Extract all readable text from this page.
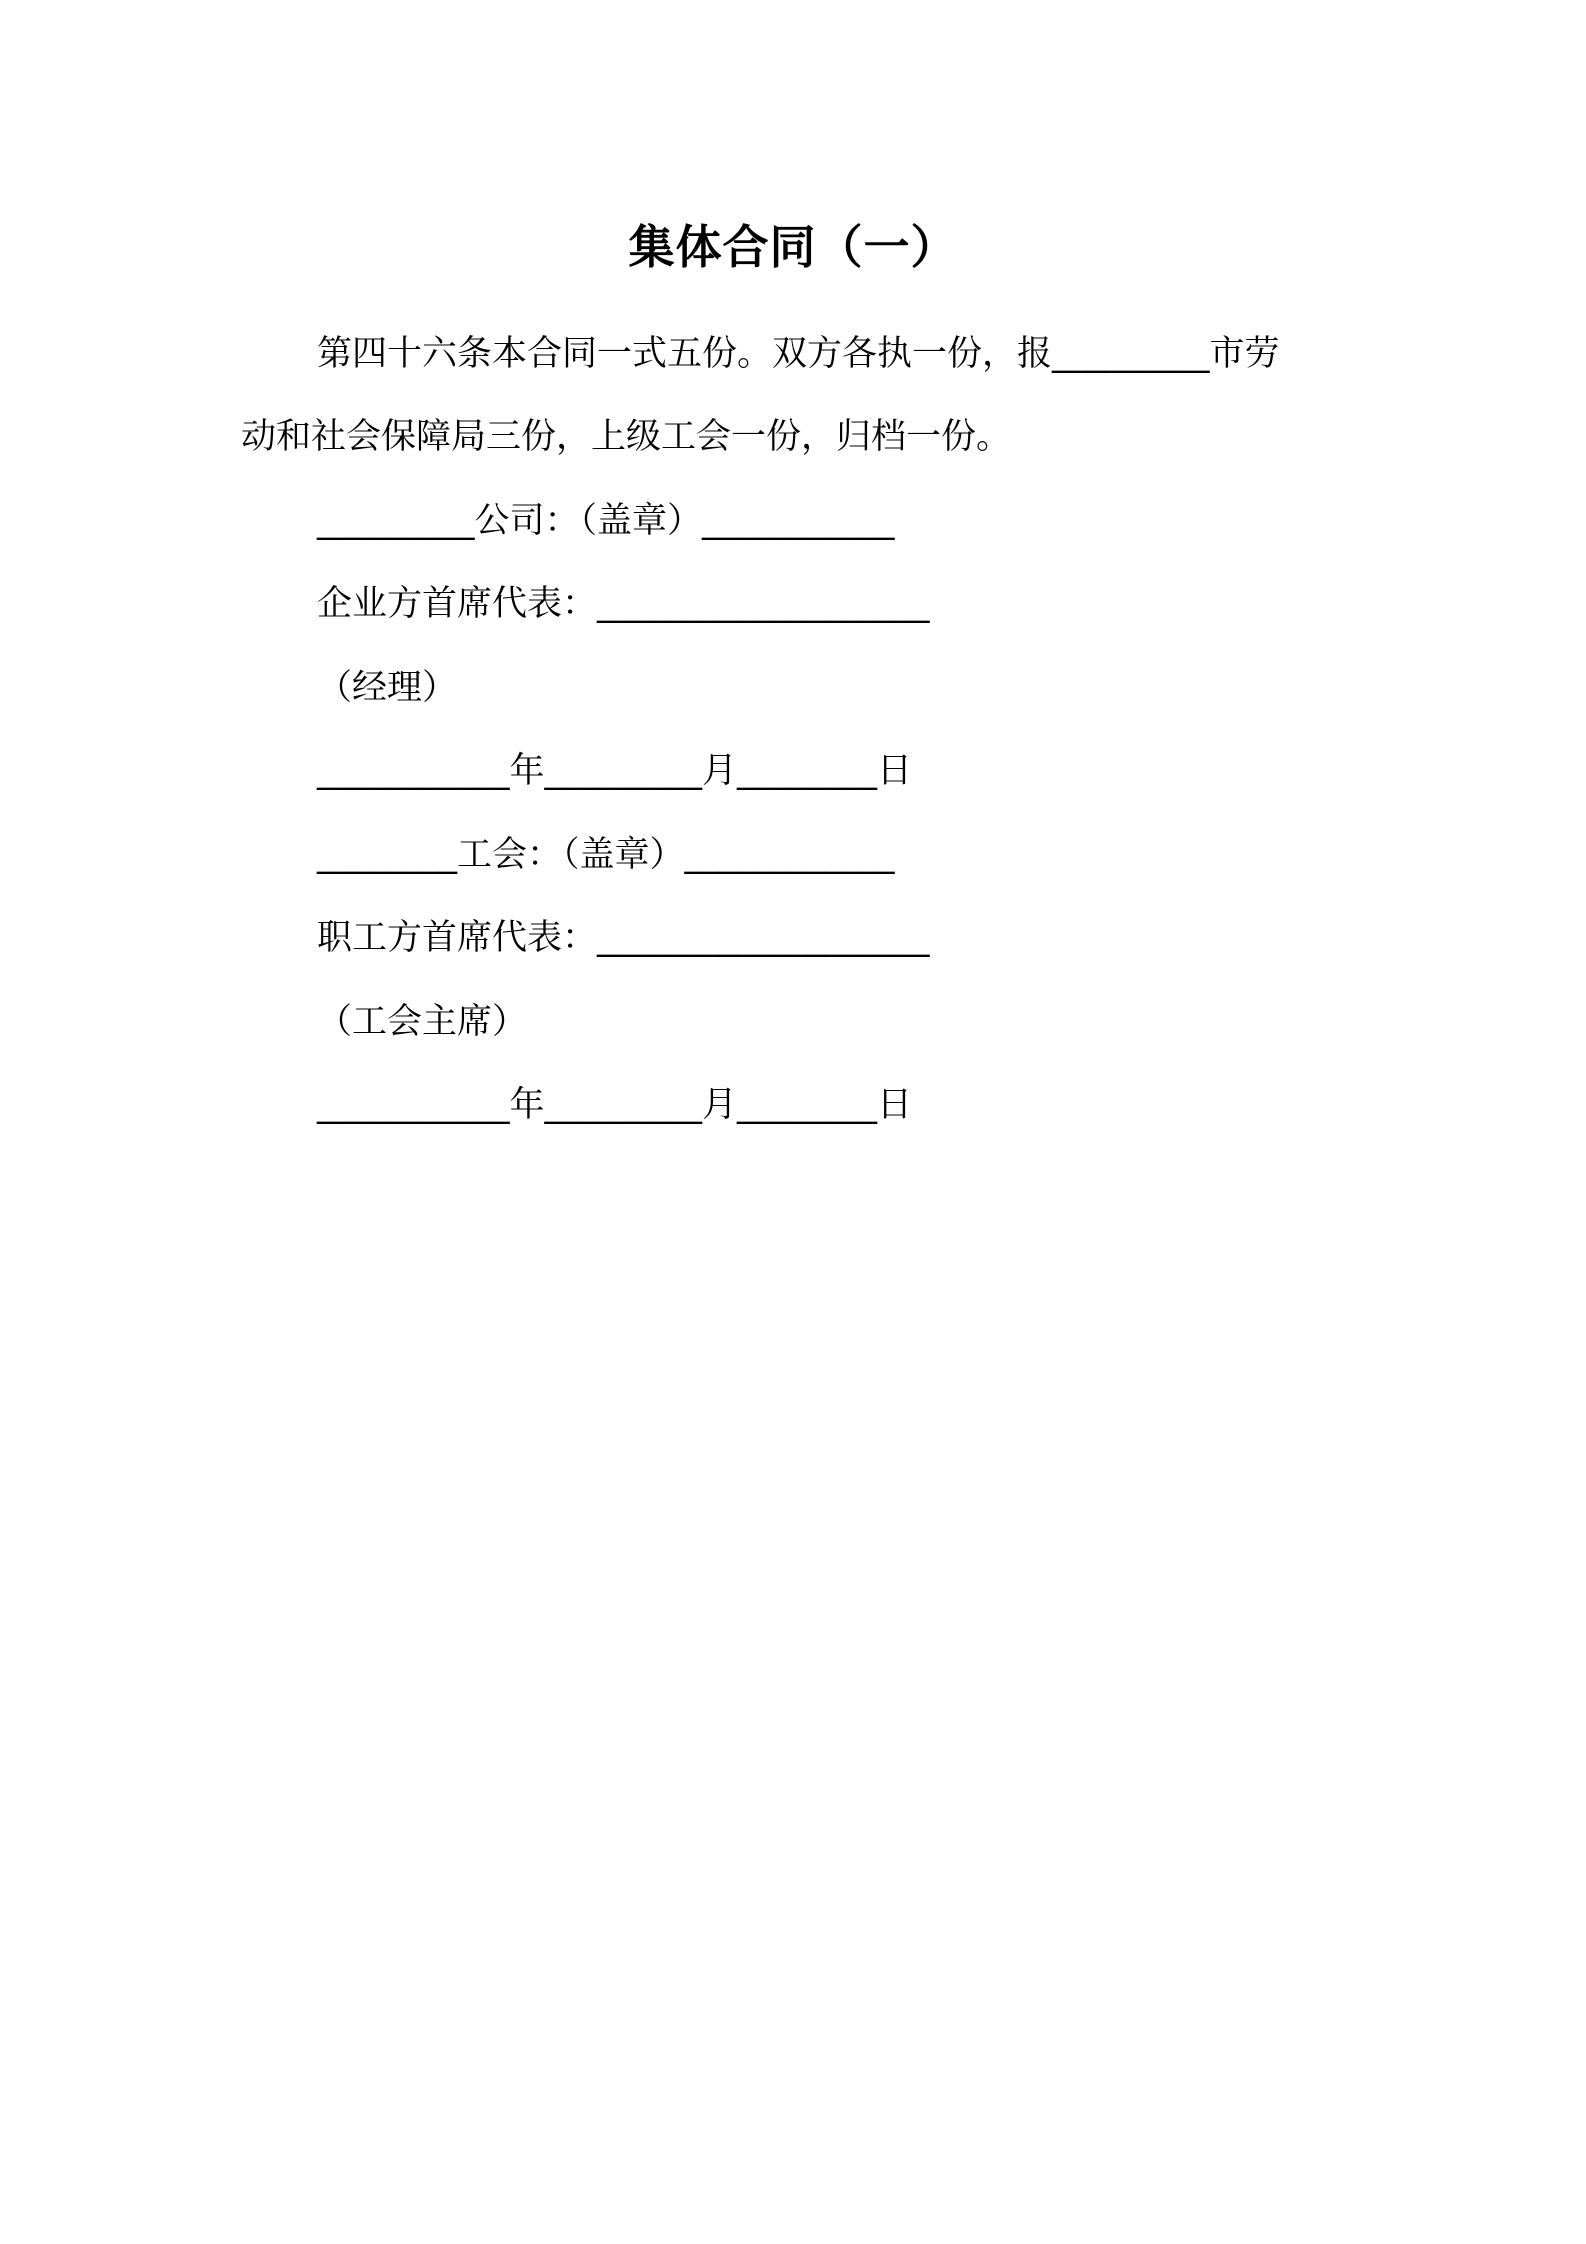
集体合同（一）
第四十六条本合同一式五份。双方各执一份，报_________市劳
动和社会保障局三份，上级工会一份，归档一份。
_________公司：（盖章）___________
企业方首席代表：___________________
（经理）
___________年_________月________日
________工会：（盖章）____________
职工方首席代表：___________________
（工会主席）
___________年_________月________日
